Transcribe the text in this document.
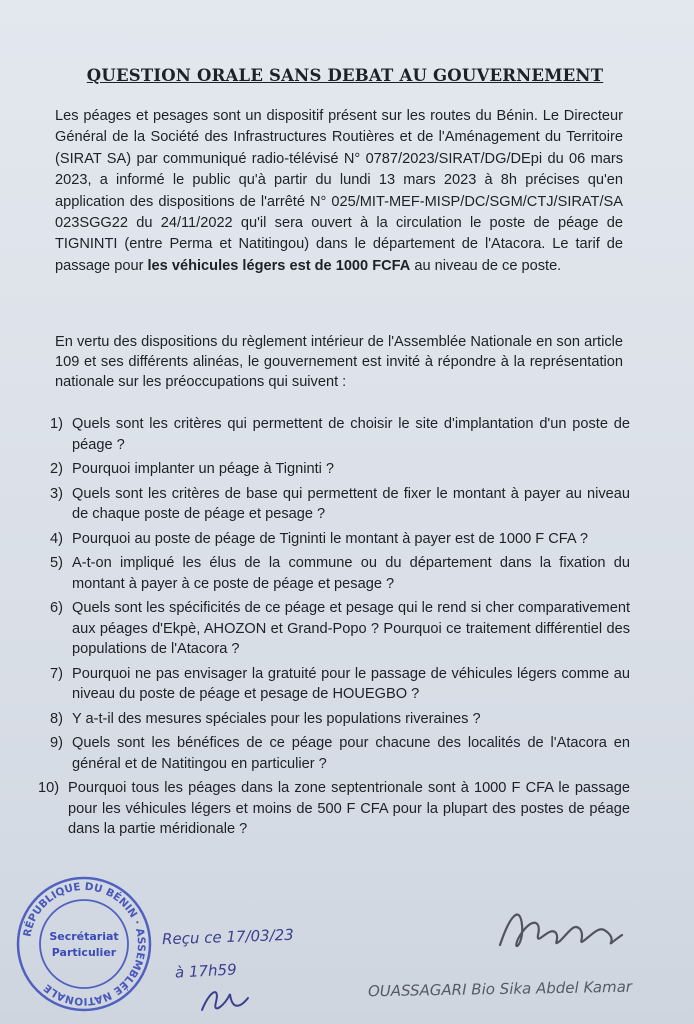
QUESTION ORALE SANS DEBAT AU GOUVERNEMENT
Les péages et pesages sont un dispositif présent sur les routes du Bénin. Le Directeur Général de la Société des Infrastructures Routières et de l'Aménagement du Territoire (SIRAT SA) par communiqué radio-télévisé N° 0787/2023/SIRAT/DG/DEpi du 06 mars 2023, a informé le public qu'à partir du lundi 13 mars 2023 à 8h précises qu'en application des dispositions de l'arrêté N° 025/MIT-MEF-MISP/DC/SGM/CTJ/SIRAT/SA 023SGG22 du 24/11/2022 qu'il sera ouvert à la circulation le poste de péage de TIGNINTI (entre Perma et Natitingou) dans le département de l'Atacora. Le tarif de passage pour les véhicules légers est de 1000 FCFA au niveau de ce poste.
En vertu des dispositions du règlement intérieur de l'Assemblée Nationale en son article 109 et ses différents alinéas, le gouvernement est invité à répondre à la représentation nationale sur les préoccupations qui suivent :
1) Quels sont les critères qui permettent de choisir le site d'implantation d'un poste de péage ?
2) Pourquoi implanter un péage à Tigninti ?
3) Quels sont les critères de base qui permettent de fixer le montant à payer au niveau de chaque poste de péage et pesage ?
4) Pourquoi au poste de péage de Tigninti le montant à payer est de 1000 F CFA ?
5) A-t-on impliqué les élus de la commune ou du département dans la fixation du montant à payer à ce poste de péage et pesage ?
6) Quels sont les spécificités de ce péage et pesage qui le rend si cher comparativement aux péages d'Ekpè, AHOZON et Grand-Popo ? Pourquoi ce traitement différentiel des populations de l'Atacora ?
7) Pourquoi ne pas envisager la gratuité pour le passage de véhicules légers comme au niveau du poste de péage et pesage de HOUEGBO ?
8) Y a-t-il des mesures spéciales pour les populations riveraines ?
9) Quels sont les bénéfices de ce péage pour chacune des localités de l'Atacora en général et de Natitingou en particulier ?
10) Pourquoi tous les péages dans la zone septentrionale sont à 1000 F CFA le passage pour les véhicules légers et moins de 500 F CFA pour la plupart des postes de péage dans la partie méridionale ?
RÉPUBLIQUE DU BÉNIN · ASSEMBLÉE NATIONALE
Secrétariat
Particulier
Reçu ce 17/03/23
à 17h59
OUASSAGARI Bio Sika Abdel Kamar
